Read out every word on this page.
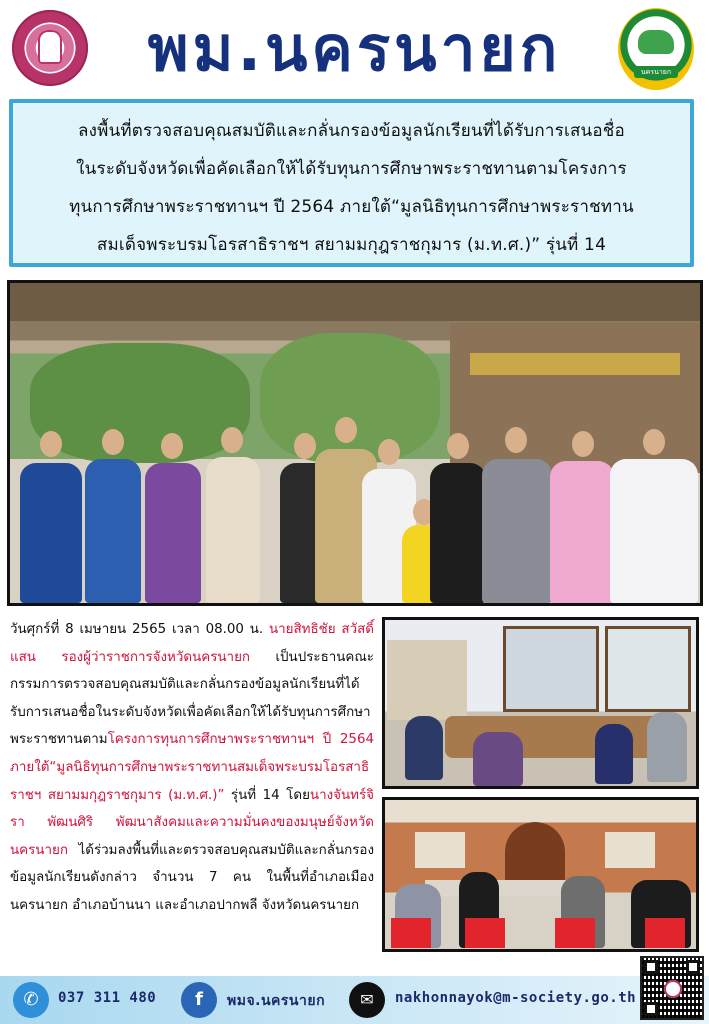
พม.นครนายก	นครนายก

ลงพื้นที่ตรวจสอบคุณสมบัติและกลั่นกรองข้อมูลนักเรียนที่ได้รับการเสนอชื่อ

ในระดับจังหวัดเพื่อคัดเลือกให้ได้รับทุนการศึกษาพระราชทานตามโครงการ

ทุนการศึกษาพระราชทานฯ ปี 2564 ภายใต้“มูลนิธิทุนการศึกษาพระราชทาน

สมเด็จพระบรมโอรสาธิราชฯ สยามมกุฎราชกุมาร (ม.ท.ศ.)” รุ่นที่ 14

วันศุกร์ที่ 8 เมษายน 2565 เวลา 08.00 น. นายสิทธิชัย สวัสดิ์แสน รองผู้ว่าราชการจังหวัดนครนายก เป็นประธานคณะกรรมการตรวจสอบคุณสมบัติและกลั่นกรองข้อมูลนักเรียนที่ได้รับการเสนอชื่อในระดับจังหวัดเพื่อคัดเลือกให้ได้รับทุนการศึกษาพระราชทานตามโครงการทุนการศึกษาพระราชทานฯ ปี 2564 ภายใต้“มูลนิธิทุนการศึกษาพระราชทานสมเด็จพระบรมโอรสาธิราชฯ สยามมกุฎราชกุมาร (ม.ท.ศ.)” รุ่นที่ 14 โดยนางจันทร์จิรา พัฒนศิริ พัฒนาสังคมและความมั่นคงของมนุษย์จังหวัดนครนายก ได้ร่วมลงพื้นที่และตรวจสอบคุณสมบัติและกลั่นกรองข้อมูลนักเรียนดังกล่าว จำนวน 7 คน ในพื้นที่อำเภอเมืองนครนายก อำเภอบ้านนา และอำเภอปากพลี จังหวัดนครนายก
✆	037 311 480	f	พมจ.นครนายก	✉	nakhonnayok@m-society.go.th
